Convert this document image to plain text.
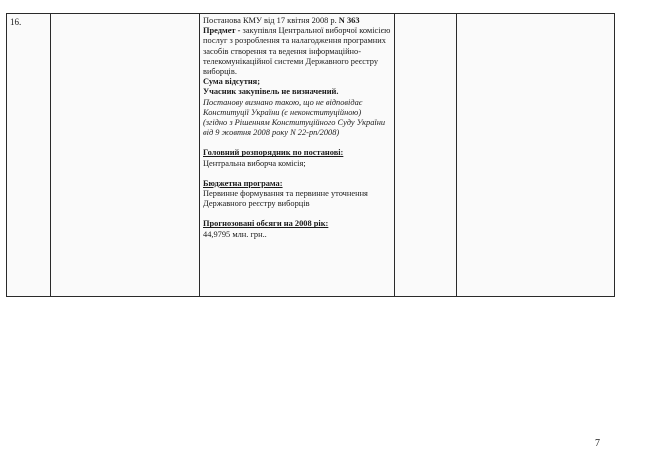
16.		Постанова КМУ від 17 квітня 2008 р. N 363

Предмет - закупівля Центральної виборчої комісією послуг з розроблення та налагодження програмних засобів створення та ведення інформаційно-телекомунікаційної системи Державного реєстру виборців.

Сума відсутня;

Учасник закупівель не визначений.

Постанову визнано такою, що не відповідає Конституції України (є неконституційною)

(згідно з Рішенням Конституційного Суду України від 9 жовтня 2008 року N 22-рп/2008)

Головний розпорядник по постанові:

Центральна виборча комісія;

Бюджетна програма:

Первинне формування та первинне уточнення Державного реєстру виборців

Прогнозовані обсяги на 2008 рік:

44,9795 млн. грн..

7
